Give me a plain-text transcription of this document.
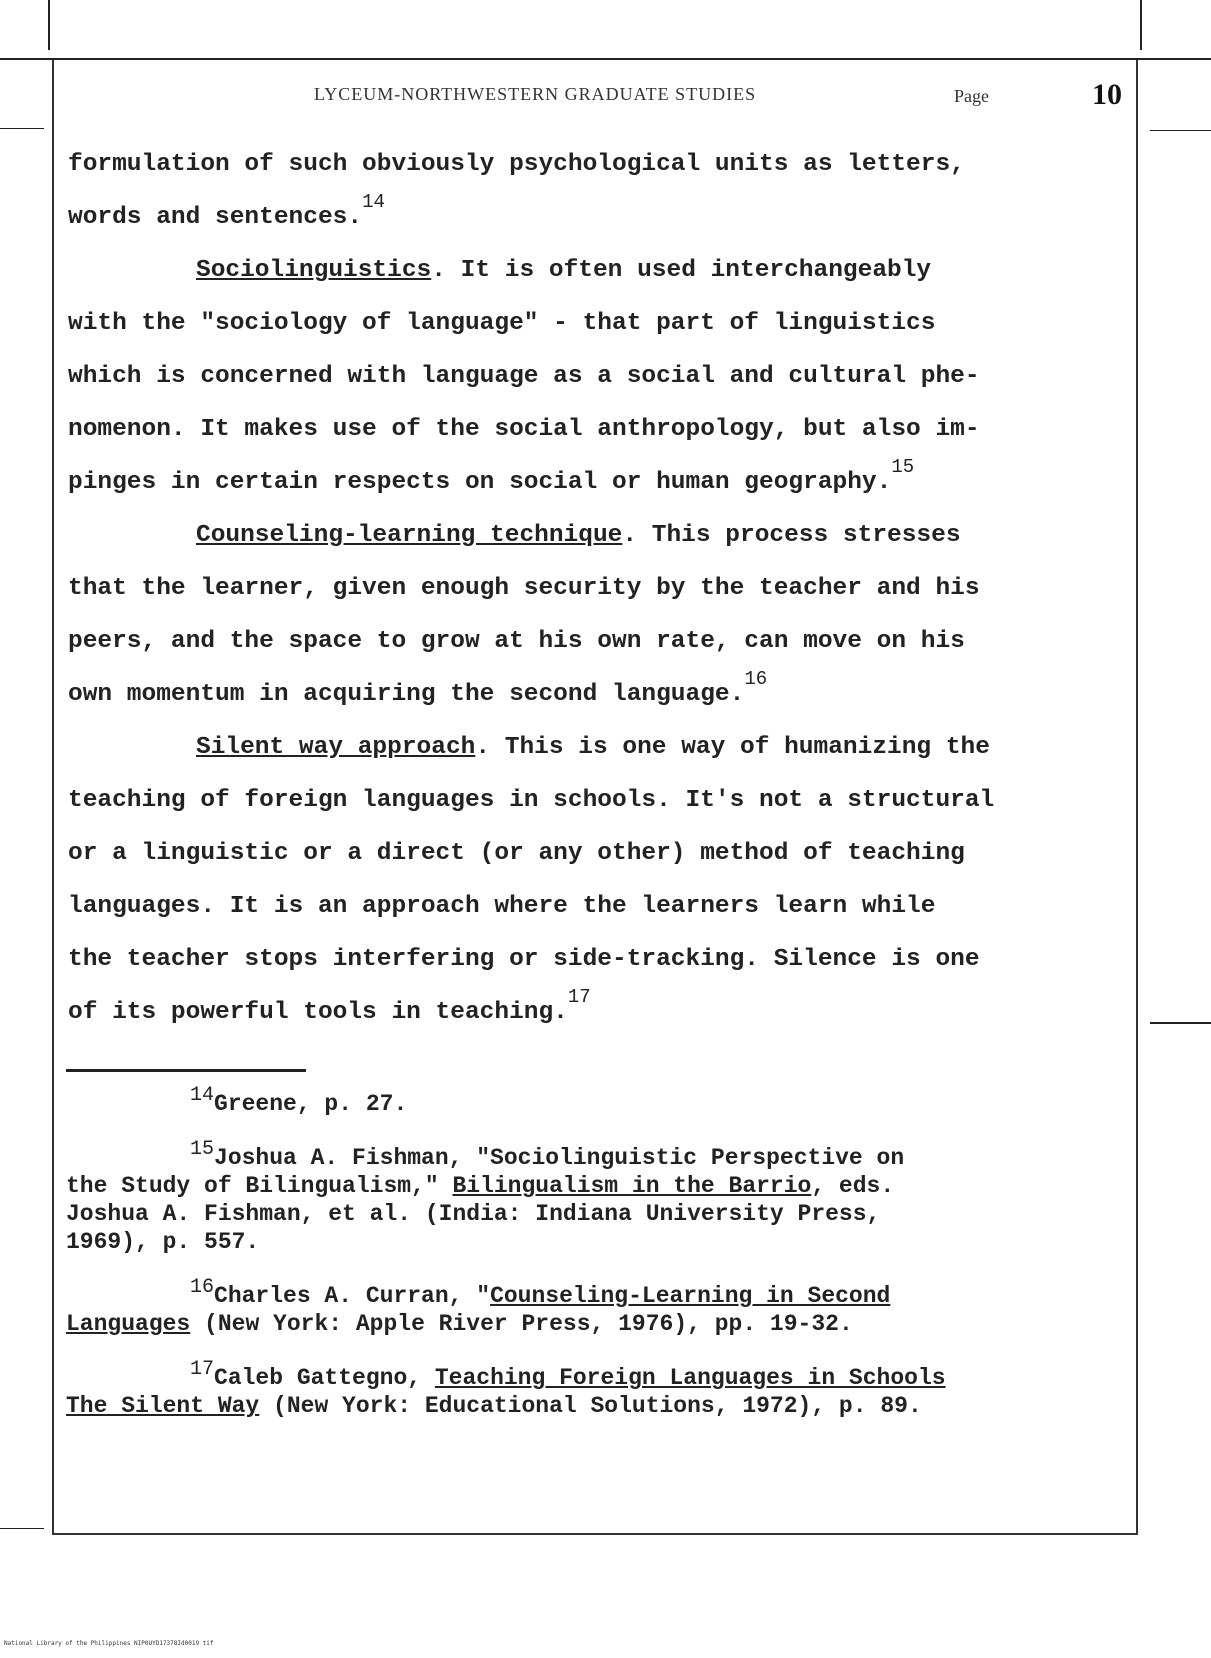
LYCEUM-NORTHWESTERN GRADUATE STUDIES	Page	10
formulation of such obviously psychological units as letters,
words and sentences.$^{14}$
Sociolinguistics. It is often used interchangeably
with the "sociology of language" - that part of linguistics
which is concerned with language as a social and cultural phe-
nomenon. It makes use of the social anthropology, but also im-
pinges in certain respects on social or human geography.$^{15}$
Counseling-learning technique. This process stresses
that the learner, given enough security by the teacher and his
peers, and the space to grow at his own rate, can move on his
own momentum in acquiring the second language.$^{16}$
Silent way approach. This is one way of humanizing the
teaching of foreign languages in schools. It's not a structural
or a linguistic or a direct (or any other) method of teaching
languages. It is an approach where the learners learn while
the teacher stops interfering or side-tracking. Silence is one
of its powerful tools in teaching.$^{17}$
14Greene, p. 27.
15Joshua A. Fishman, "Sociolinguistic Perspective on
the Study of Bilingualism," Bilingualism in the Barrio, eds.
Joshua A. Fishman, et al. (India: Indiana University Press,
1969), p. 557.
16Charles A. Curran, "Counseling-Learning in Second
Languages (New York: Apple River Press, 1976), pp. 19-32.
17Caleb Gattegno, Teaching Foreign Languages in Schools
The Silent Way (New York: Educational Solutions, 1972), p. 89.
National Library of the Philippines NIP0UYD17378Id0019 tif
